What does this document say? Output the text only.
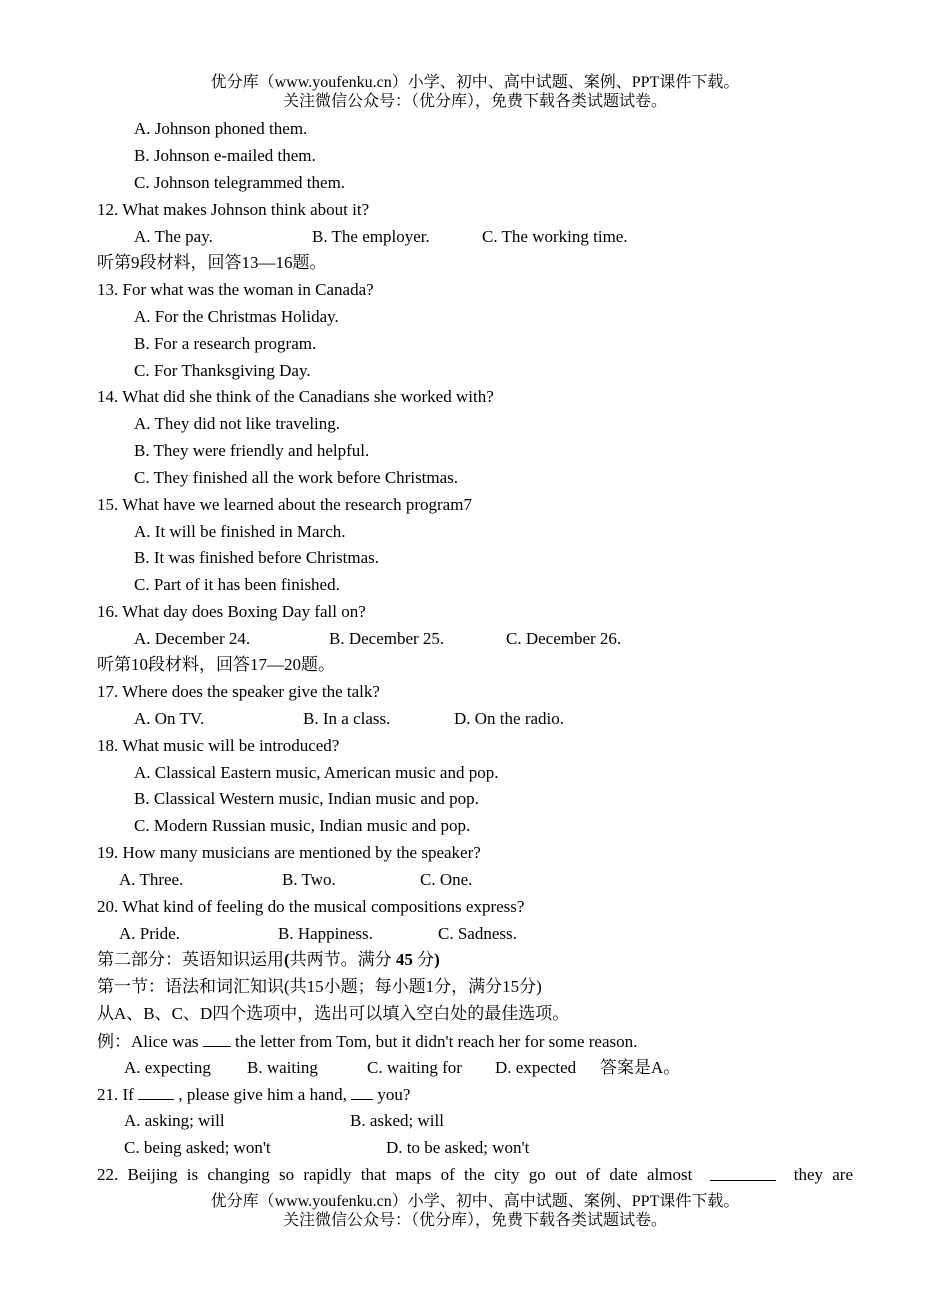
优分库（www.youfenku.cn）小学、初中、高中试题、案例、PPT课件下载。
关注微信公众号：（优分库），免费下载各类试题试卷。
A. Johnson phoned them.
B. Johnson e-mailed them.
C. Johnson telegrammed them.
12. What makes Johnson think about it?
A. The pay.	B. The employer.	C. The working time.
听第9段材料，回答13—16题。
13. For what was the woman in Canada?
A. For the Christmas Holiday.
B. For a research program.
C. For Thanksgiving Day.
14. What did she think of the Canadians she worked with?
A. They did not like traveling.
B. They were friendly and helpful.
C. They finished all the work before Christmas.
15. What have we learned about the research program7
A. It will be finished in March.
B. It was finished before Christmas.
C. Part of it has been finished.
16. What day does Boxing Day fall on?
A. December 24.	B. December 25.	C. December 26.
听第10段材料，回答17—20题。
17. Where does the speaker give the talk?
A. On TV.	B. In a class.	D. On the radio.
18. What music will be introduced?
A. Classical Eastern music, American music and pop.
B. Classical Western music, Indian music and pop.
C. Modern Russian music, Indian music and pop.
19. How many musicians are mentioned by the speaker?
A. Three.	B. Two.	C. One.
20. What kind of feeling do the musical compositions express?
A. Pride.	B. Happiness.	C. Sadness.
第二部分：英语知识运用(共两节。满分 45 分)
第一节：语法和词汇知识(共15小题；每小题1分，满分15分)
从A、B、C、D四个选项中，选出可以填入空白处的最佳选项。
例：Alice was the letter from Tom, but it didn't reach her for some reason.
A. expecting B. waiting	C. waiting for D. expected 答案是A。
21. If	, please give him a hand, you?
A. asking; will	B. asked; will
C. being asked; won't	D. to be asked; won't
22. Beijing is changing so rapidly that maps of the city go out of date almost	they are
优分库（www.youfenku.cn）小学、初中、高中试题、案例、PPT课件下载。
关注微信公众号：（优分库），免费下载各类试题试卷。
